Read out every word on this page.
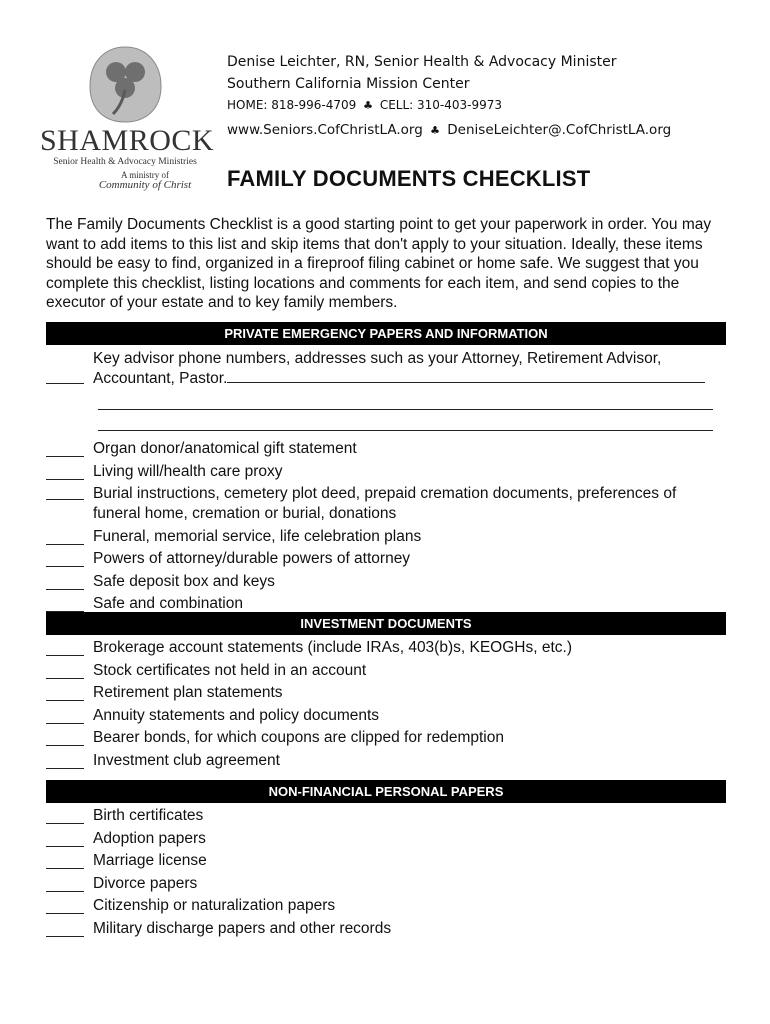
SHAMROCK
Senior Health & Advocacy Ministries
A ministry of
Community of Christ
Denise Leichter, RN, Senior Health & Advocacy Minister
Southern California Mission Center
HOME: 818-996-4709 ♣ CELL: 310-403-9973
www.Seniors.CofChristLA.org ♣ DeniseLeichter@.CofChristLA.org
FAMILY DOCUMENTS CHECKLIST
The Family Documents Checklist is a good starting point to get your paperwork in order. You may want to add items to this list and skip items that don't apply to your situation. Ideally, these items should be easy to find, organized in a fireproof filing cabinet or home safe. We suggest that you complete this checklist, listing locations and comments for each item, and send copies to the executor of your estate and to key family members.
PRIVATE EMERGENCY PAPERS AND INFORMATION
Key advisor phone numbers, addresses such as your Attorney, Retirement Advisor, Accountant, Pastor.
Organ donor/anatomical gift statement
Living will/health care proxy
Burial instructions, cemetery plot deed, prepaid cremation documents, preferences of funeral home, cremation or burial, donations
Funeral, memorial service, life celebration plans
Powers of attorney/durable powers of attorney
Safe deposit box and keys
Safe and combination
INVESTMENT DOCUMENTS
Brokerage account statements (include IRAs, 403(b)s, KEOGHs, etc.)
Stock certificates not held in an account
Retirement plan statements
Annuity statements and policy documents
Bearer bonds, for which coupons are clipped for redemption
Investment club agreement
NON-FINANCIAL PERSONAL PAPERS
Birth certificates
Adoption papers
Marriage license
Divorce papers
Citizenship or naturalization papers
Military discharge papers and other records
